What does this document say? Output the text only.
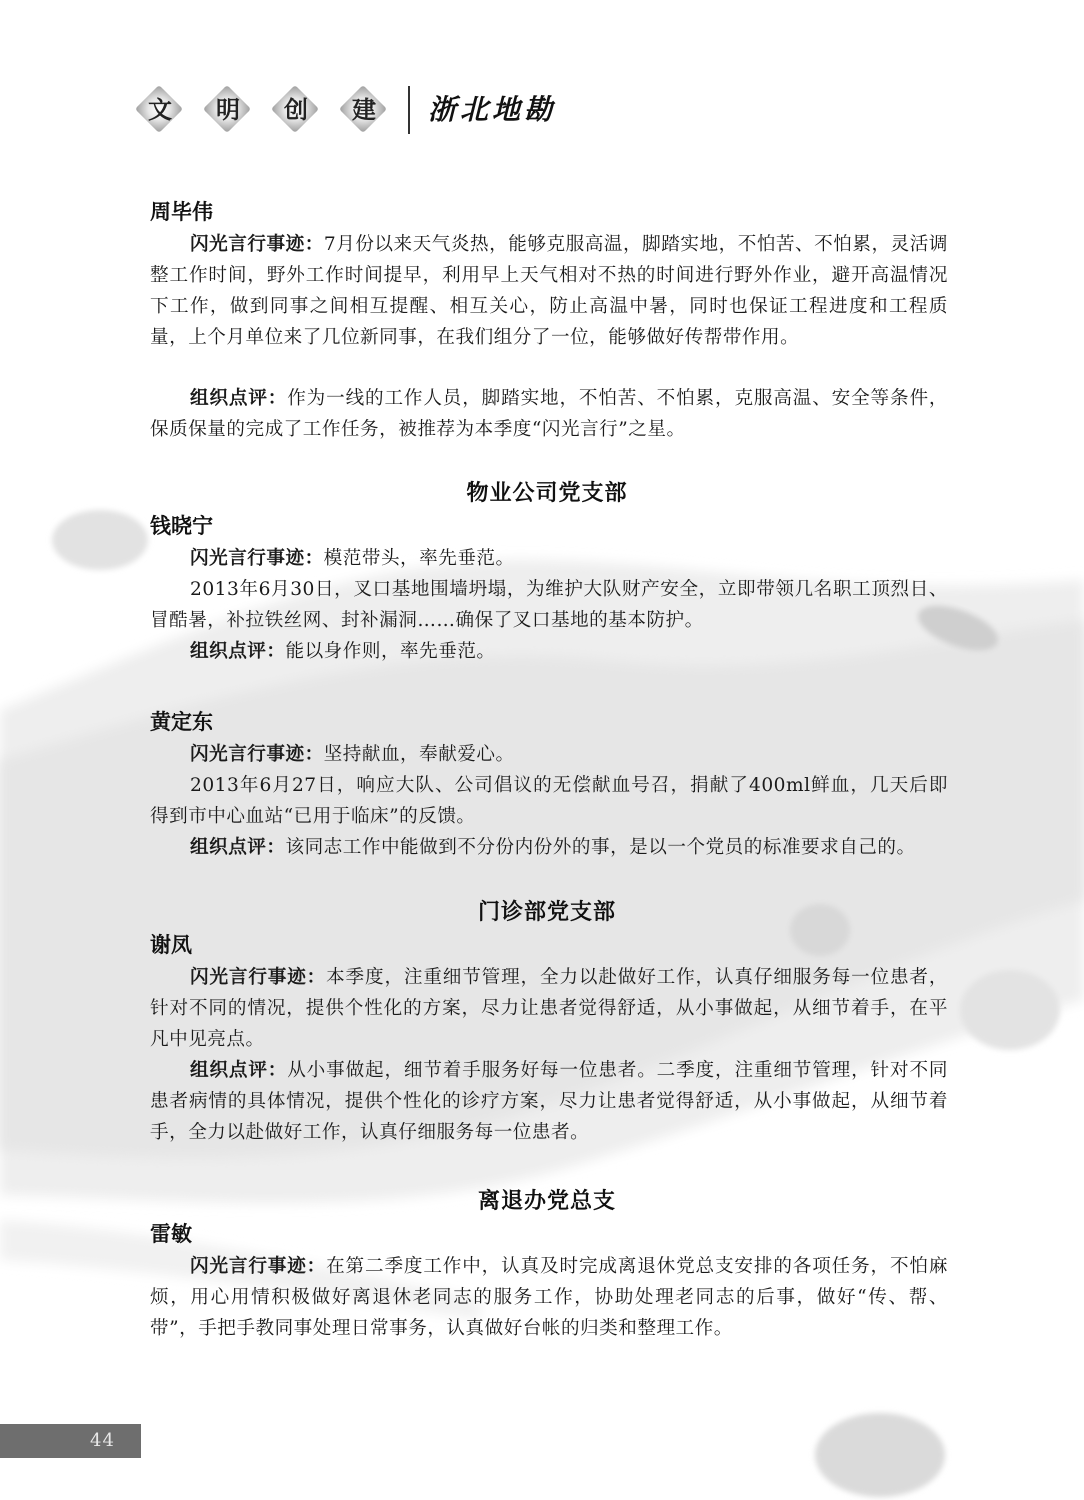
文	明	创	建	浙北地勘
周毕伟
闪光言行事迹：7月份以来天气炎热，能够克服高温，脚踏实地，不怕苦、不怕累，灵活调整工作时间，野外工作时间提早，利用早上天气相对不热的时间进行野外作业，避开高温情况下工作，做到同事之间相互提醒、相互关心，防止高温中暑，同时也保证工程进度和工程质量，上个月单位来了几位新同事，在我们组分了一位，能够做好传帮带作用。
组织点评：作为一线的工作人员，脚踏实地，不怕苦、不怕累，克服高温、安全等条件，保质保量的完成了工作任务，被推荐为本季度“闪光言行”之星。
物业公司党支部
钱晓宁
闪光言行事迹：模范带头，率先垂范。
2013年6月30日，叉口基地围墙坍塌，为维护大队财产安全，立即带领几名职工顶烈日、冒酷暑，补拉铁丝网、封补漏洞……确保了叉口基地的基本防护。
组织点评：能以身作则，率先垂范。
黄定东
闪光言行事迹：坚持献血，奉献爱心。
2013年6月27日，响应大队、公司倡议的无偿献血号召，捐献了400ml鲜血，几天后即得到市中心血站“已用于临床”的反馈。
组织点评：该同志工作中能做到不分份内份外的事，是以一个党员的标准要求自己的。
门诊部党支部
谢凤
闪光言行事迹：本季度，注重细节管理，全力以赴做好工作，认真仔细服务每一位患者，针对不同的情况，提供个性化的方案，尽力让患者觉得舒适，从小事做起，从细节着手，在平凡中见亮点。
组织点评：从小事做起，细节着手服务好每一位患者。二季度，注重细节管理，针对不同患者病情的具体情况，提供个性化的诊疗方案，尽力让患者觉得舒适，从小事做起，从细节着手，全力以赴做好工作，认真仔细服务每一位患者。
离退办党总支
雷敏
闪光言行事迹：在第二季度工作中，认真及时完成离退休党总支安排的各项任务，不怕麻烦，用心用情积极做好离退休老同志的服务工作，协助处理老同志的后事，做好“传、帮、带”，手把手教同事处理日常事务，认真做好台帐的归类和整理工作。
44
